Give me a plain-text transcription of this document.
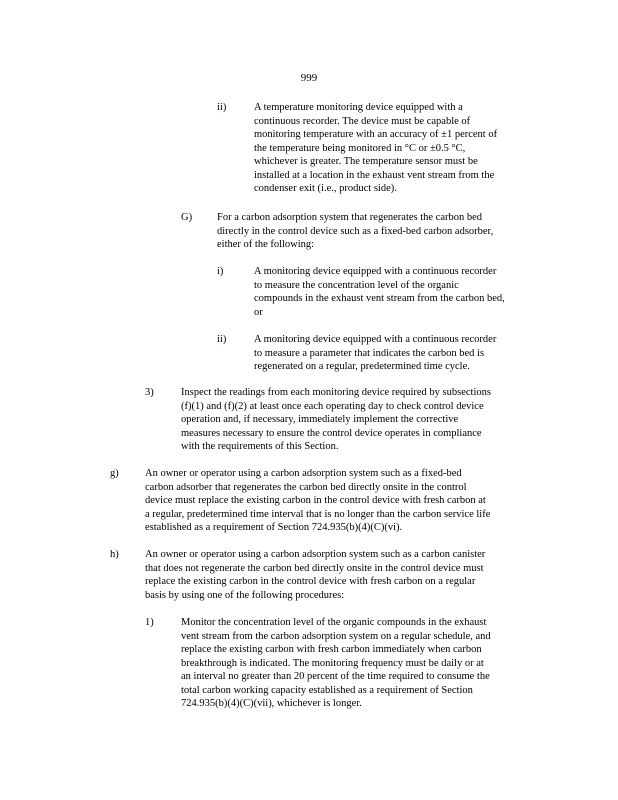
999
ii)	A temperature monitoring device equipped with a
continuous recorder. The device must be capable of
monitoring temperature with an accuracy of ±1 percent of
the temperature being monitored in °C or ±0.5 °C,
whichever is greater. The temperature sensor must be
installed at a location in the exhaust vent stream from the
condenser exit (i.e., product side).
G) For a carbon adsorption system that regenerates the carbon bed
directly in the control device such as a fixed-bed carbon adsorber,
either of the following:
i)	A monitoring device equipped with a continuous recorder
to measure the concentration level of the organic
compounds in the exhaust vent stream from the carbon bed,
or
ii)	A monitoring device equipped with a continuous recorder
to measure a parameter that indicates the carbon bed is
regenerated on a regular, predetermined time cycle.
3)	Inspect the readings from each monitoring device required by subsections
(f)(1) and (f)(2) at least once each operating day to check control device
operation and, if necessary, immediately implement the corrective
measures necessary to ensure the control device operates in compliance
with the requirements of this Section.
g)	An owner or operator using a carbon adsorption system such as a fixed-bed
carbon adsorber that regenerates the carbon bed directly onsite in the control
device must replace the existing carbon in the control device with fresh carbon at
a regular, predetermined time interval that is no longer than the carbon service life
established as a requirement of Section 724.935(b)(4)(C)(vi).
h)	An owner or operator using a carbon adsorption system such as a carbon canister
that does not regenerate the carbon bed directly onsite in the control device must
replace the existing carbon in the control device with fresh carbon on a regular
basis by using one of the following procedures:
1)	Monitor the concentration level of the organic compounds in the exhaust
vent stream from the carbon adsorption system on a regular schedule, and
replace the existing carbon with fresh carbon immediately when carbon
breakthrough is indicated. The monitoring frequency must be daily or at
an interval no greater than 20 percent of the time required to consume the
total carbon working capacity established as a requirement of Section
724.935(b)(4)(C)(vii), whichever is longer.
